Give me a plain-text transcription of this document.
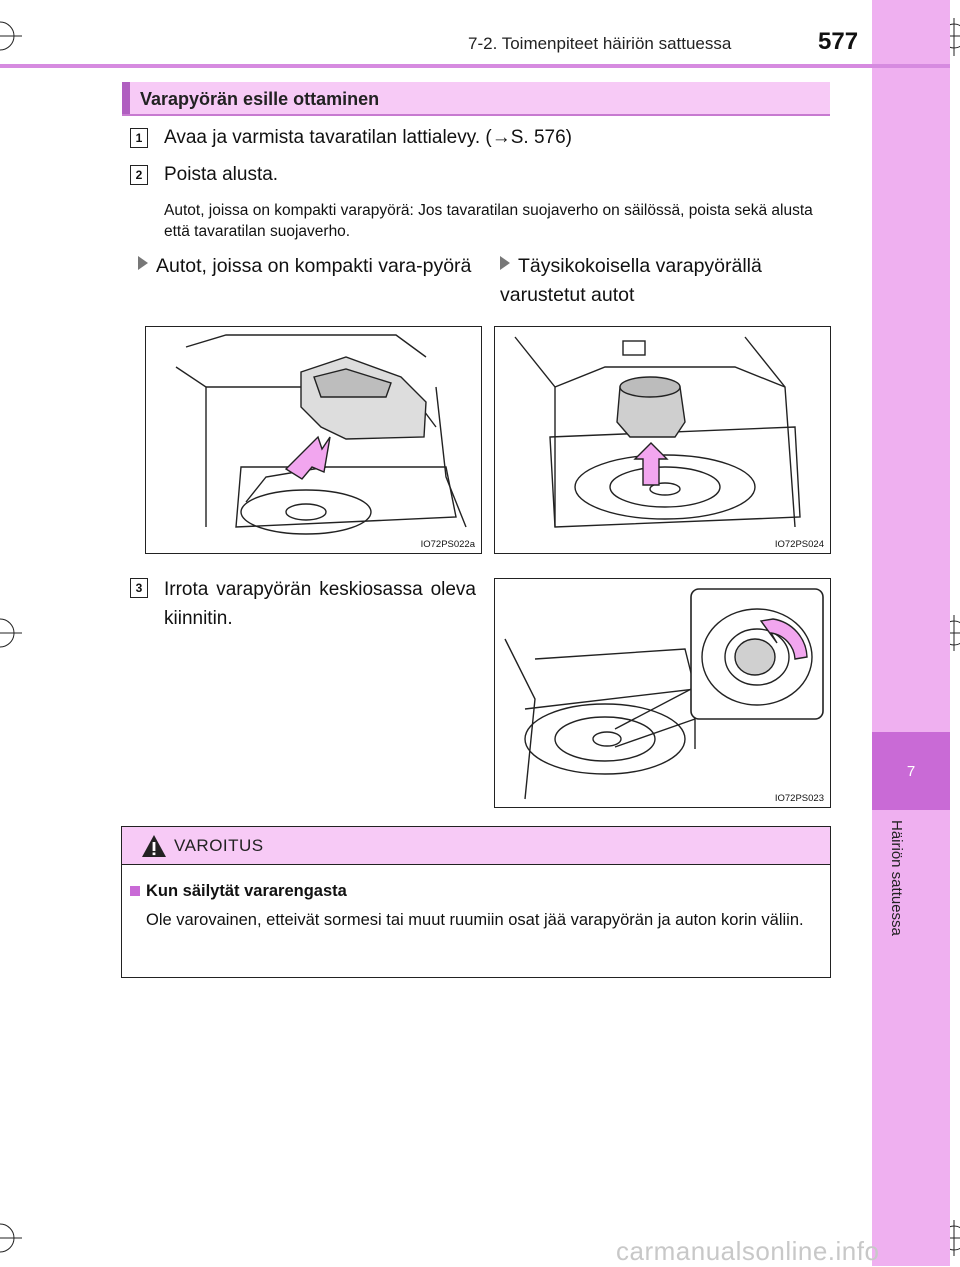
7
Häiriön sattuessa
7-2. Toimenpiteet häiriön sattuessa	577
Varapyörän esille ottaminen
1 Avaa ja varmista tavaratilan lattialevy. (→S. 576)
2 Poista alusta.
Autot, joissa on kompakti varapyörä: Jos tavaratilan suojaverho on säilössä, poista sekä alusta että tavaratilan suojaverho.
Autot, joissa on kompakti vara-pyörä	Täysikokoisella varapyörällä varustetut autot
IO72PS022a	IO72PS024
3 Irrota varapyörän keskiosassa oleva kiinnitin.
IO72PS023
VAROITUS
Kun säilytät vararengasta
Ole varovainen, etteivät sormesi tai muut ruumiin osat jää varapyörän ja auton korin väliin.
carmanualsonline.info
